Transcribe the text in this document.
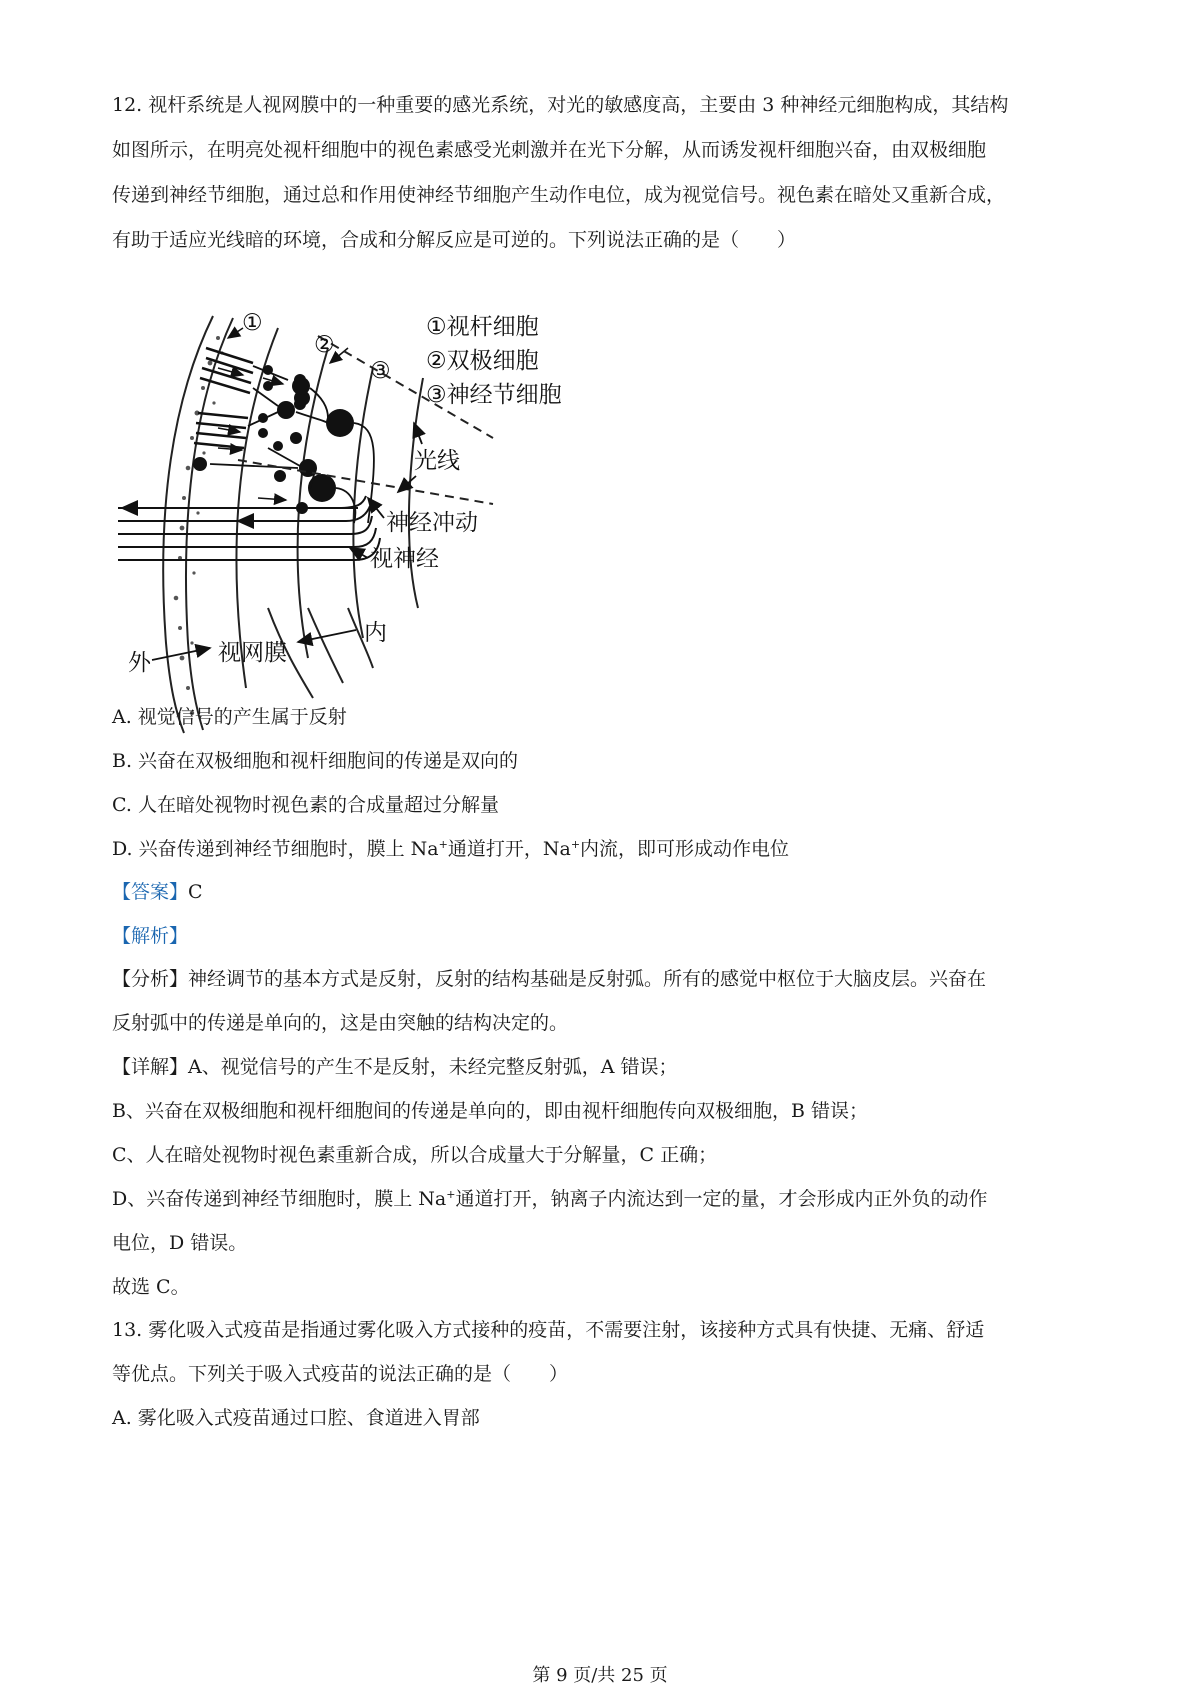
12. 视杆系统是人视网膜中的一种重要的感光系统，对光的敏感度高，主要由 3 种神经元细胞构成，其结构

如图所示，在明亮处视杆细胞中的视色素感受光刺激并在光下分解，从而诱发视杆细胞兴奋，由双极细胞

传递到神经节细胞，通过总和作用使神经节细胞产生动作电位，成为视觉信号。视色素在暗处又重新合成，

有助于适应光线暗的环境，合成和分解反应是可逆的。下列说法正确的是（　　）

①
②
③
①视杆细胞
②双极细胞
③神经节细胞
光线
神经冲动
视神经
视网膜
外
内

A. 视觉信号的产生属于反射

B. 兴奋在双极细胞和视杆细胞间的传递是双向的

C. 人在暗处视物时视色素的合成量超过分解量

D. 兴奋传递到神经节细胞时，膜上 Na+通道打开，Na+内流，即可形成动作电位

【答案】C

【解析】

【分析】神经调节的基本方式是反射，反射的结构基础是反射弧。所有的感觉中枢位于大脑皮层。兴奋在

反射弧中的传递是单向的，这是由突触的结构决定的。

【详解】A、视觉信号的产生不是反射，未经完整反射弧，A 错误；

B、兴奋在双极细胞和视杆细胞间的传递是单向的，即由视杆细胞传向双极细胞，B 错误；

C、人在暗处视物时视色素重新合成，所以合成量大于分解量，C 正确；

D、兴奋传递到神经节细胞时，膜上 Na+通道打开，钠离子内流达到一定的量，才会形成内正外负的动作

电位，D 错误。

故选 C。

13. 雾化吸入式疫苗是指通过雾化吸入方式接种的疫苗，不需要注射，该接种方式具有快捷、无痛、舒适

等优点。下列关于吸入式疫苗的说法正确的是（　　）

A. 雾化吸入式疫苗通过口腔、食道进入胃部

第 9 页/共 25 页
